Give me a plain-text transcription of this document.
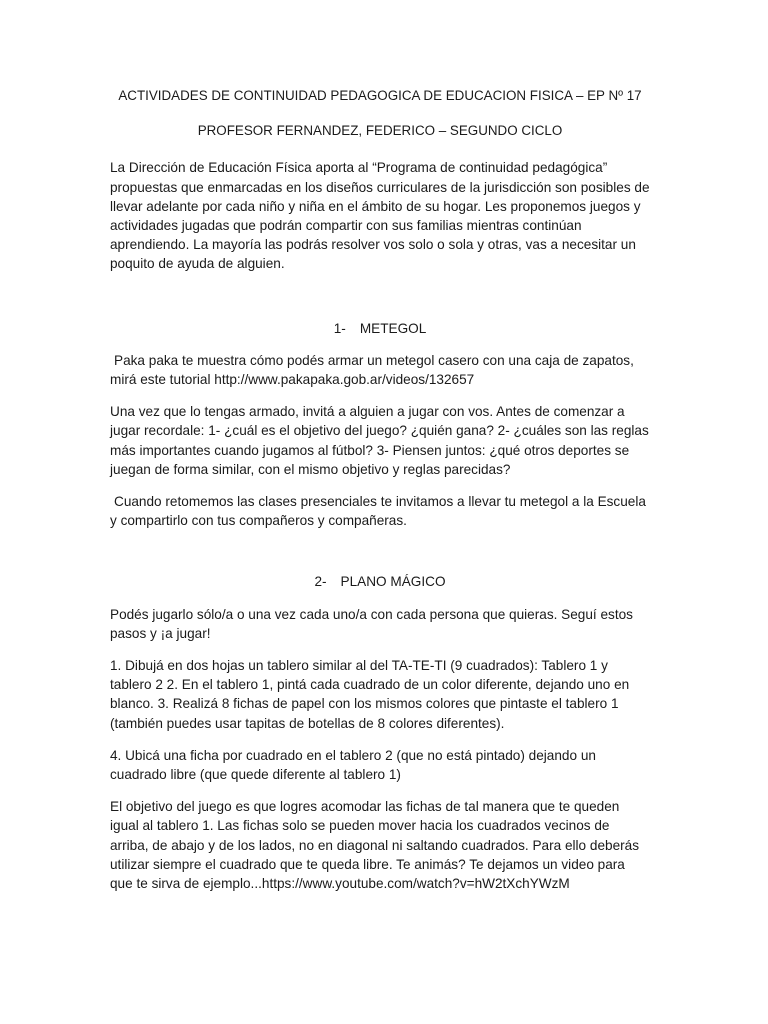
ACTIVIDADES DE CONTINUIDAD PEDAGOGICA DE EDUCACION FISICA – EP Nº 17
PROFESOR FERNANDEZ, FEDERICO – SEGUNDO CICLO

La Dirección de Educación Física aporta al “Programa de continuidad pedagógica” propuestas que enmarcadas en los diseños curriculares de la jurisdicción son posibles de llevar adelante por cada niño y niña en el ámbito de su hogar. Les proponemos juegos y actividades jugadas que podrán compartir con sus familias mientras continúan aprendiendo. La mayoría las podrás resolver vos solo o sola y otras, vas a necesitar un poquito de ayuda de alguien.

1- METEGOL

Paka paka te muestra cómo podés armar un metegol casero con una caja de zapatos, mirá este tutorial http://www.pakapaka.gob.ar/videos/132657

Una vez que lo tengas armado, invitá a alguien a jugar con vos. Antes de comenzar a jugar recordale: 1- ¿cuál es el objetivo del juego? ¿quién gana? 2- ¿cuáles son las reglas más importantes cuando jugamos al fútbol? 3- Piensen juntos: ¿qué otros deportes se juegan de forma similar, con el mismo objetivo y reglas parecidas?

Cuando retomemos las clases presenciales te invitamos a llevar tu metegol a la Escuela y compartirlo con tus compañeros y compañeras.

2- PLANO MÁGICO

Podés jugarlo sólo/a o una vez cada uno/a con cada persona que quieras. Seguí estos pasos y ¡a jugar!

1. Dibujá en dos hojas un tablero similar al del TA-TE-TI (9 cuadrados): Tablero 1 y tablero 2 2. En el tablero 1, pintá cada cuadrado de un color diferente, dejando uno en blanco. 3. Realizá 8 fichas de papel con los mismos colores que pintaste el tablero 1 (también puedes usar tapitas de botellas de 8 colores diferentes).

4. Ubicá una ficha por cuadrado en el tablero 2 (que no está pintado) dejando un cuadrado libre (que quede diferente al tablero 1)

El objetivo del juego es que logres acomodar las fichas de tal manera que te queden igual al tablero 1. Las fichas solo se pueden mover hacia los cuadrados vecinos de arriba, de abajo y de los lados, no en diagonal ni saltando cuadrados. Para ello deberás utilizar siempre el cuadrado que te queda libre. Te animás? Te dejamos un video para que te sirva de ejemplo...https://www.youtube.com/watch?v=hW2tXchYWzM
